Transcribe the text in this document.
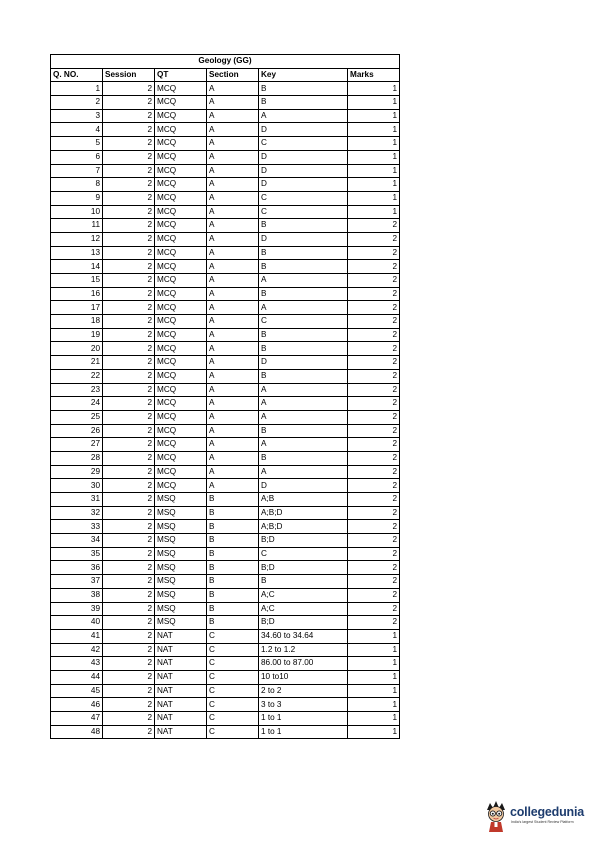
Geology (GG)					
Q. NO.	Session	QT	Section	Key	Marks
1	2	MCQ	A	B	1
2	2	MCQ	A	B	1
3	2	MCQ	A	A	1
4	2	MCQ	A	D	1
5	2	MCQ	A	C	1
6	2	MCQ	A	D	1
7	2	MCQ	A	D	1
8	2	MCQ	A	D	1
9	2	MCQ	A	C	1
10	2	MCQ	A	C	1
11	2	MCQ	A	B	2
12	2	MCQ	A	D	2
13	2	MCQ	A	B	2
14	2	MCQ	A	B	2
15	2	MCQ	A	A	2
16	2	MCQ	A	B	2
17	2	MCQ	A	A	2
18	2	MCQ	A	C	2
19	2	MCQ	A	B	2
20	2	MCQ	A	B	2
21	2	MCQ	A	D	2
22	2	MCQ	A	B	2
23	2	MCQ	A	A	2
24	2	MCQ	A	A	2
25	2	MCQ	A	A	2
26	2	MCQ	A	B	2
27	2	MCQ	A	A	2
28	2	MCQ	A	B	2
29	2	MCQ	A	A	2
30	2	MCQ	A	D	2
31	2	MSQ	B	A;B	2
32	2	MSQ	B	A;B;D	2
33	2	MSQ	B	A;B;D	2
34	2	MSQ	B	B;D	2
35	2	MSQ	B	C	2
36	2	MSQ	B	B;D	2
37	2	MSQ	B	B	2
38	2	MSQ	B	A;C	2
39	2	MSQ	B	A;C	2
40	2	MSQ	B	B;D	2
41	2	NAT	C	34.60 to 34.64	1
42	2	NAT	C	1.2 to 1.2	1
43	2	NAT	C	86.00 to 87.00	1
44	2	NAT	C	10 to10	1
45	2	NAT	C	2 to 2	1
46	2	NAT	C	3 to 3	1
47	2	NAT	C	1 to 1	1
48	2	NAT	C	1 to 1	1
collegedunia
India's largest Student Review Platform
